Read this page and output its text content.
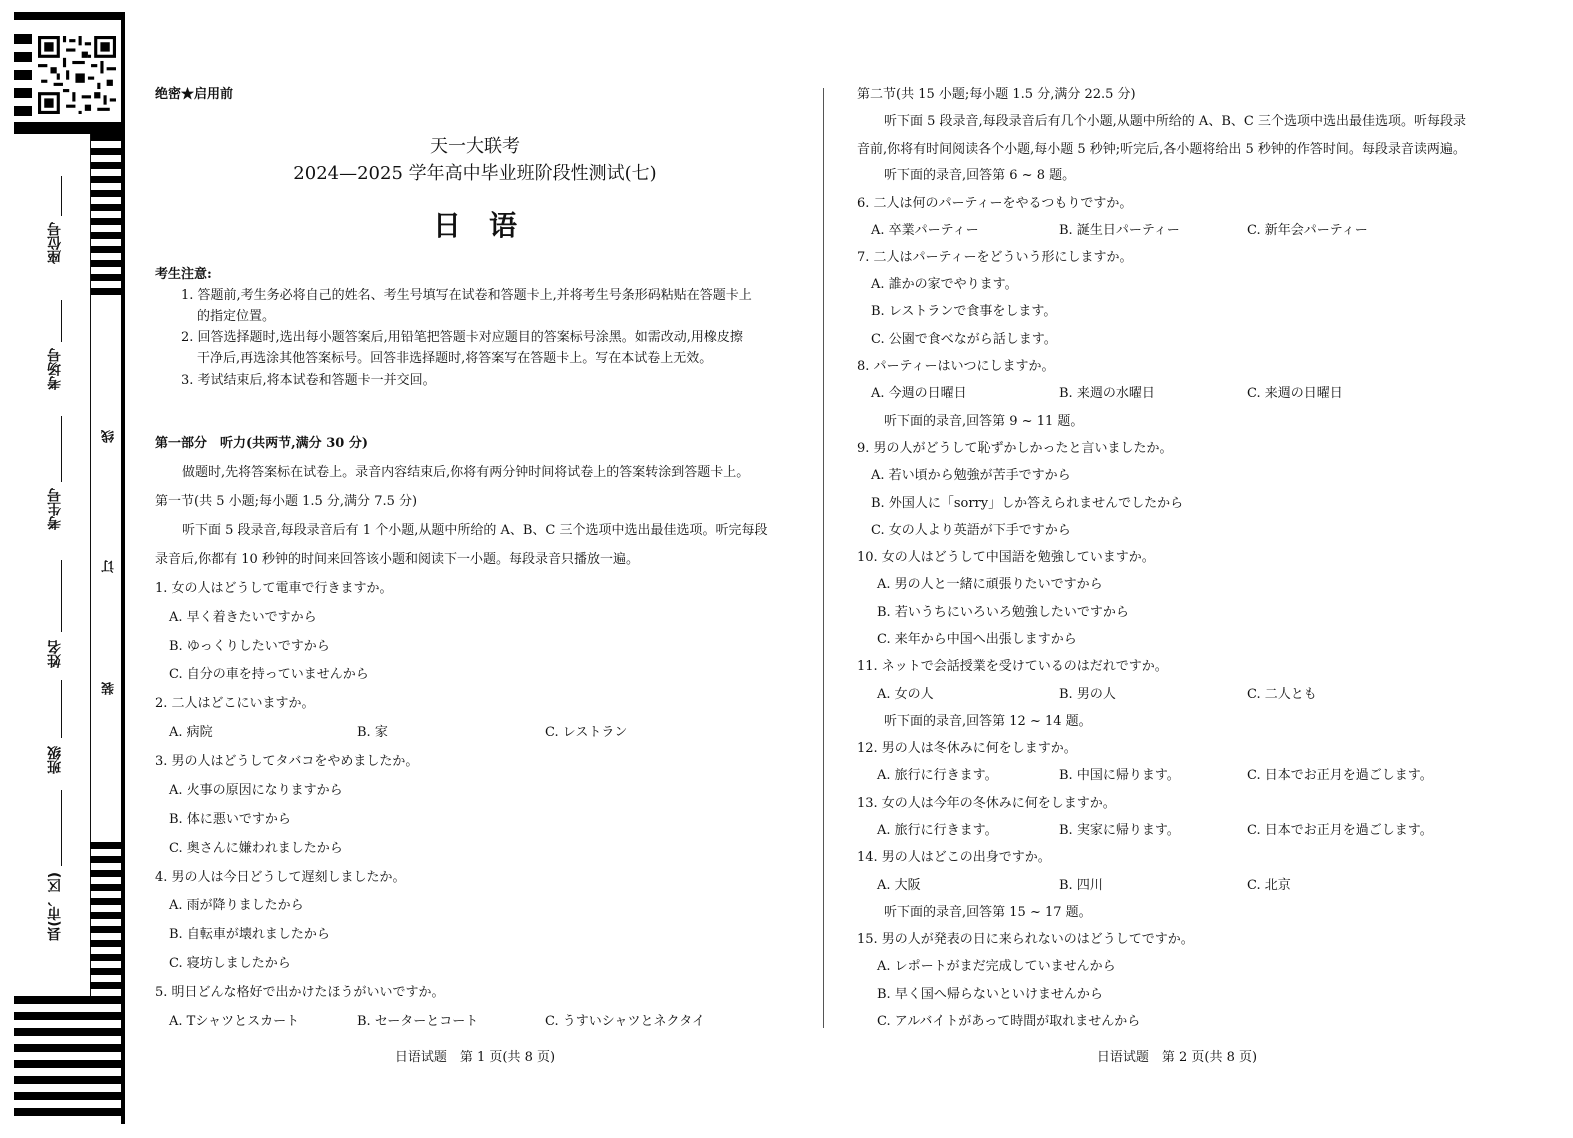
座位号
考场号
考生号
姓名
班级
县(市、区)
线
订
装
绝密★启用前
天一大联考
2024—2025 学年高中毕业班阶段性测试(七)
日　语
考生注意:
1. 答题前,考生务必将自己的姓名、考生号填写在试卷和答题卡上,并将考生号条形码粘贴在答题卡上
的指定位置。
2. 回答选择题时,选出每小题答案后,用铅笔把答题卡对应题目的答案标号涂黑。如需改动,用橡皮擦
干净后,再选涂其他答案标号。回答非选择题时,将答案写在答题卡上。写在本试卷上无效。
3. 考试结束后,将本试卷和答题卡一并交回。
第一部分　听力(共两节,满分 30 分)
做题时,先将答案标在试卷上。录音内容结束后,你将有两分钟时间将试卷上的答案转涂到答题卡上。
第一节(共 5 小题;每小题 1.5 分,满分 7.5 分)
听下面 5 段录音,每段录音后有 1 个小题,从题中所给的 A、B、C 三个选项中选出最佳选项。听完每段
录音后,你都有 10 秒钟的时间来回答该小题和阅读下一小题。每段录音只播放一遍。
1. 女の人はどうして電車で行きますか。
A. 早く着きたいですから
B. ゆっくりしたいですから
C. 自分の車を持っていませんから
2. 二人はどこにいますか。
A. 病院	B. 家	C. レストラン
3. 男の人はどうしてタバコをやめましたか。
A. 火事の原因になりますから
B. 体に悪いですから
C. 奥さんに嫌われましたから
4. 男の人は今日どうして遅刻しましたか。
A. 雨が降りましたから
B. 自転車が壊れましたから
C. 寝坊しましたから
5. 明日どんな格好で出かけたほうがいいですか。
A. Tシャツとスカート	B. セーターとコート	C. うすいシャツとネクタイ
日语试题　第 1 页(共 8 页)
第二节(共 15 小题;每小题 1.5 分,满分 22.5 分)
听下面 5 段录音,每段录音后有几个小题,从题中所给的 A、B、C 三个选项中选出最佳选项。听每段录
音前,你将有时间阅读各个小题,每小题 5 秒钟;听完后,各小题将给出 5 秒钟的作答时间。每段录音读两遍。
听下面的录音,回答第 6 ~ 8 题。
6. 二人は何のパーティーをやるつもりですか。
A. 卒業パーティー	B. 誕生日パーティー	C. 新年会パーティー
7. 二人はパーティーをどういう形にしますか。
A. 誰かの家でやります。
B. レストランで食事をします。
C. 公園で食べながら話します。
8. パーティーはいつにしますか。
A. 今週の日曜日	B. 来週の水曜日	C. 来週の日曜日
听下面的录音,回答第 9 ~ 11 题。
9. 男の人がどうして恥ずかしかったと言いましたか。
A. 若い頃から勉強が苦手ですから
B. 外国人に「sorry」しか答えられませんでしたから
C. 女の人より英語が下手ですから
10. 女の人はどうして中国語を勉強していますか。
A. 男の人と一緒に頑張りたいですから
B. 若いうちにいろいろ勉強したいですから
C. 来年から中国へ出張しますから
11. ネットで会話授業を受けているのはだれですか。
A. 女の人	B. 男の人	C. 二人とも
听下面的录音,回答第 12 ~ 14 题。
12. 男の人は冬休みに何をしますか。
A. 旅行に行きます。	B. 中国に帰ります。	C. 日本でお正月を過ごします。
13. 女の人は今年の冬休みに何をしますか。
A. 旅行に行きます。	B. 実家に帰ります。	C. 日本でお正月を過ごします。
14. 男の人はどこの出身ですか。
A. 大阪	B. 四川	C. 北京
听下面的录音,回答第 15 ~ 17 题。
15. 男の人が発表の日に来られないのはどうしてですか。
A. レポートがまだ完成していませんから
B. 早く国へ帰らないといけませんから
C. アルバイトがあって時間が取れませんから
日语试题　第 2 页(共 8 页)
